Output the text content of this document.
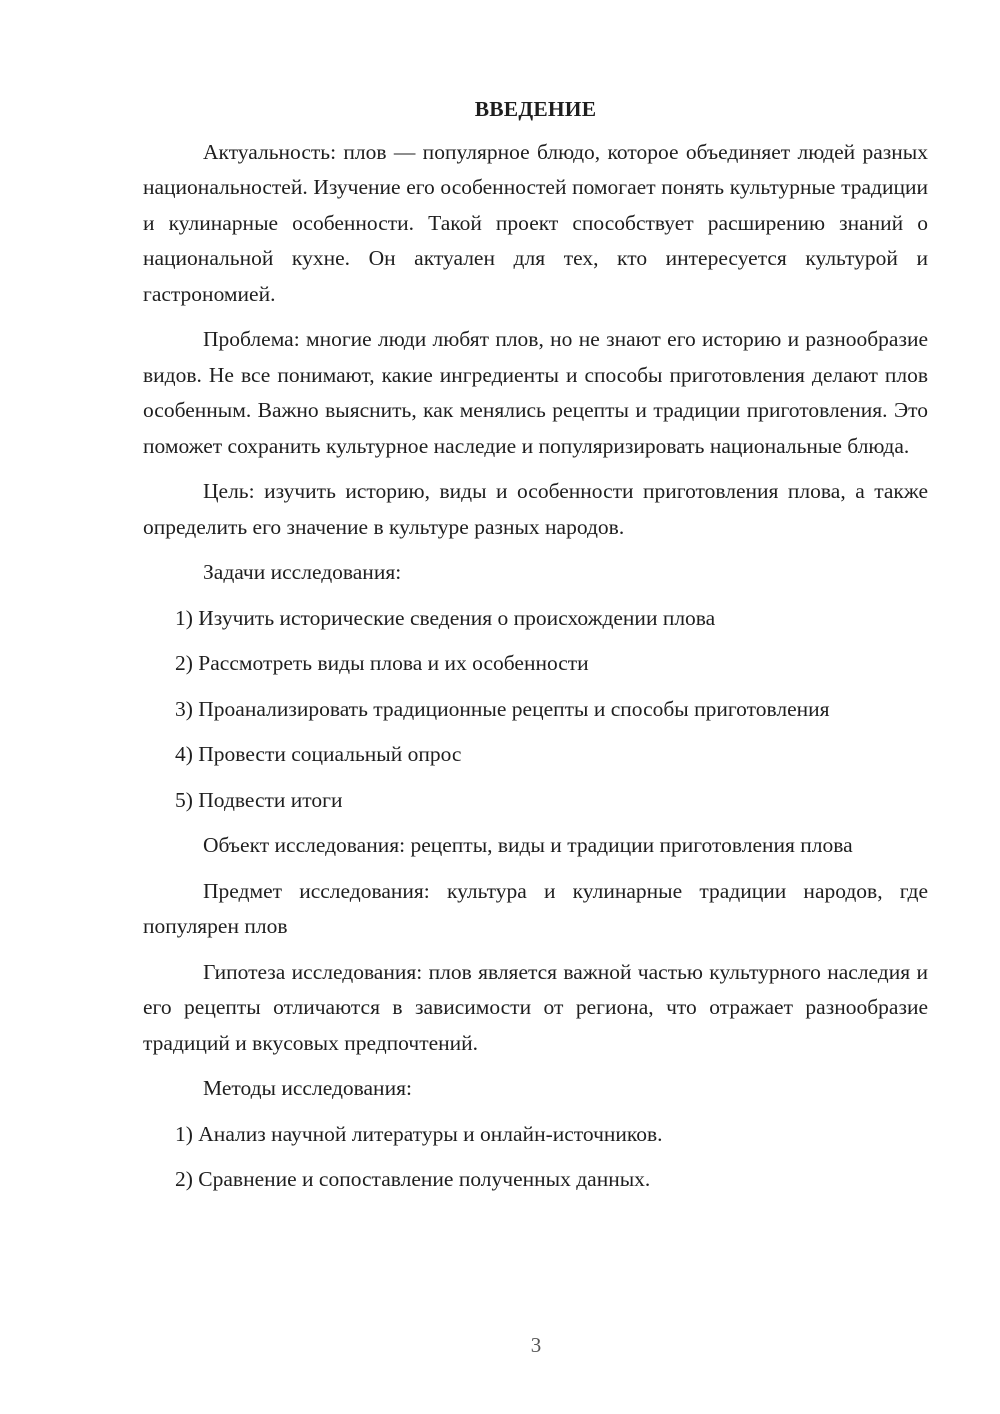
ВВЕДЕНИЕ

Актуальность: плов — популярное блюдо, которое объединяет людей разных национальностей. Изучение его особенностей помогает понять культурные традиции и кулинарные особенности. Такой проект способствует расширению знаний о национальной кухне. Он актуален для тех, кто интересуется культурой и гастрономией.

Проблема: многие люди любят плов, но не знают его историю и разнообразие видов. Не все понимают, какие ингредиенты и способы приготовления делают плов особенным. Важно выяснить, как менялись рецепты и традиции приготовления. Это поможет сохранить культурное наследие и популяризировать национальные блюда.

Цель: изучить историю, виды и особенности приготовления плова, а также определить его значение в культуре разных народов.

Задачи исследования:

1) Изучить исторические сведения о происхождении плова

2) Рассмотреть виды плова и их особенности

3) Проанализировать традиционные рецепты и способы приготовления

4) Провести социальный опрос

5) Подвести итоги

Объект исследования: рецепты, виды и традиции приготовления плова

Предмет исследования: культура и кулинарные традиции народов, где популярен плов

Гипотеза исследования: плов является важной частью культурного наследия и его рецепты отличаются в зависимости от региона, что отражает разнообразие традиций и вкусовых предпочтений.

Методы исследования:

1) Анализ научной литературы и онлайн-источников.

2) Сравнение и сопоставление полученных данных.

3
